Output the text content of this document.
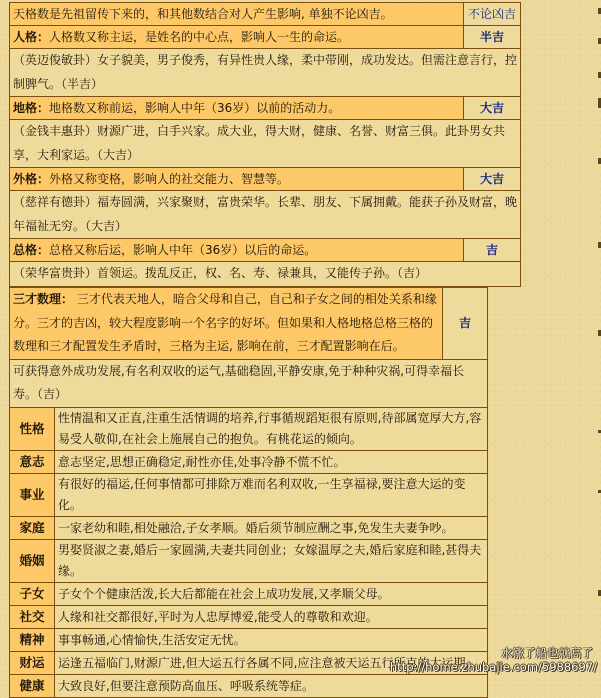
天格数是先祖留传下来的，和其他数结合对人产生影响, 单独不论凶吉。	不论凶吉
人格：人格数又称主运，是姓名的中心点，影响人一生的命运。	半吉
（英迈俊敏卦）女子貌美，男子俊秀，有异性贵人缘，柔中带刚，成功发达。但需注意言行，控制脾气。（半吉）	
地格：地格数又称前运，影响人中年（36岁）以前的活动力。	大吉
（金钱丰惠卦）财源广进，白手兴家。成大业，得大财，健康、名誉、财富三俱。此卦男女共享，大利家运。（大吉）	
外格：外格又称变格，影响人的社交能力、智慧等。	大吉
（慈祥有德卦）福寿圆满，兴家聚财，富贵荣华。长辈、朋友、下属拥戴。能获子孙及财富，晚年福祉无穷。（大吉）	
总格：总格又称后运，影响人中年（36岁）以后的命运。	吉
（荣华富贵卦）首领运。拨乱反正，权、名、寿、禄兼具，又能传子孙。（吉）	
三才数理： 三才代表天地人，暗合父母和自己，自己和子女之间的相处关系和缘分。三才的吉凶，较大程度影响一个名字的好坏。但如果和人格地格总格三格的数理和三才配置发生矛盾时，三格为主运, 影响在前，三才配置影响在后。	吉
可获得意外成功发展,有名利双收的运气,基础稳固,平静安康,免于种种灾祸,可得幸福长寿。（吉）
性格	性情温和又正直,注重生活情调的培养,行事循规蹈矩很有原则,待部属宽厚大方,容易受人敬仰,在社会上施展自己的抱负。有桃花运的倾向。
意志	意志坚定,思想正确稳定,耐性亦佳,处事冷静不慌不忙。
事业	有很好的福运,任何事情都可排除万难而名利双收,一生享福禄,要注意大运的变化。
家庭	一家老幼和睦,相处融洽,子女孝顺。婚后须节制应酬之事,免发生夫妻争吵。
婚姻	男娶贤淑之妻,婚后一家圆满,夫妻共同创业；女嫁温厚之夫,婚后家庭和睦,甚得夫缘。
子女	子女个个健康活泼,长大后都能在社会上成功发展,又孝顺父母。
社交	人缘和社交都很好,平时为人忠厚博爱,能受人的尊敬和欢迎。
精神	事事畅通,心情愉快,生活安定无忧。
财运	运逢五福临门,财源广进,但大运五行各属不同,应注意被天运五行所克的大运期。
健康	大致良好,但要注意预防高血压、呼吸系统等症。
水涨了船也就高了
http://home.zhubajie.com/5988697/
